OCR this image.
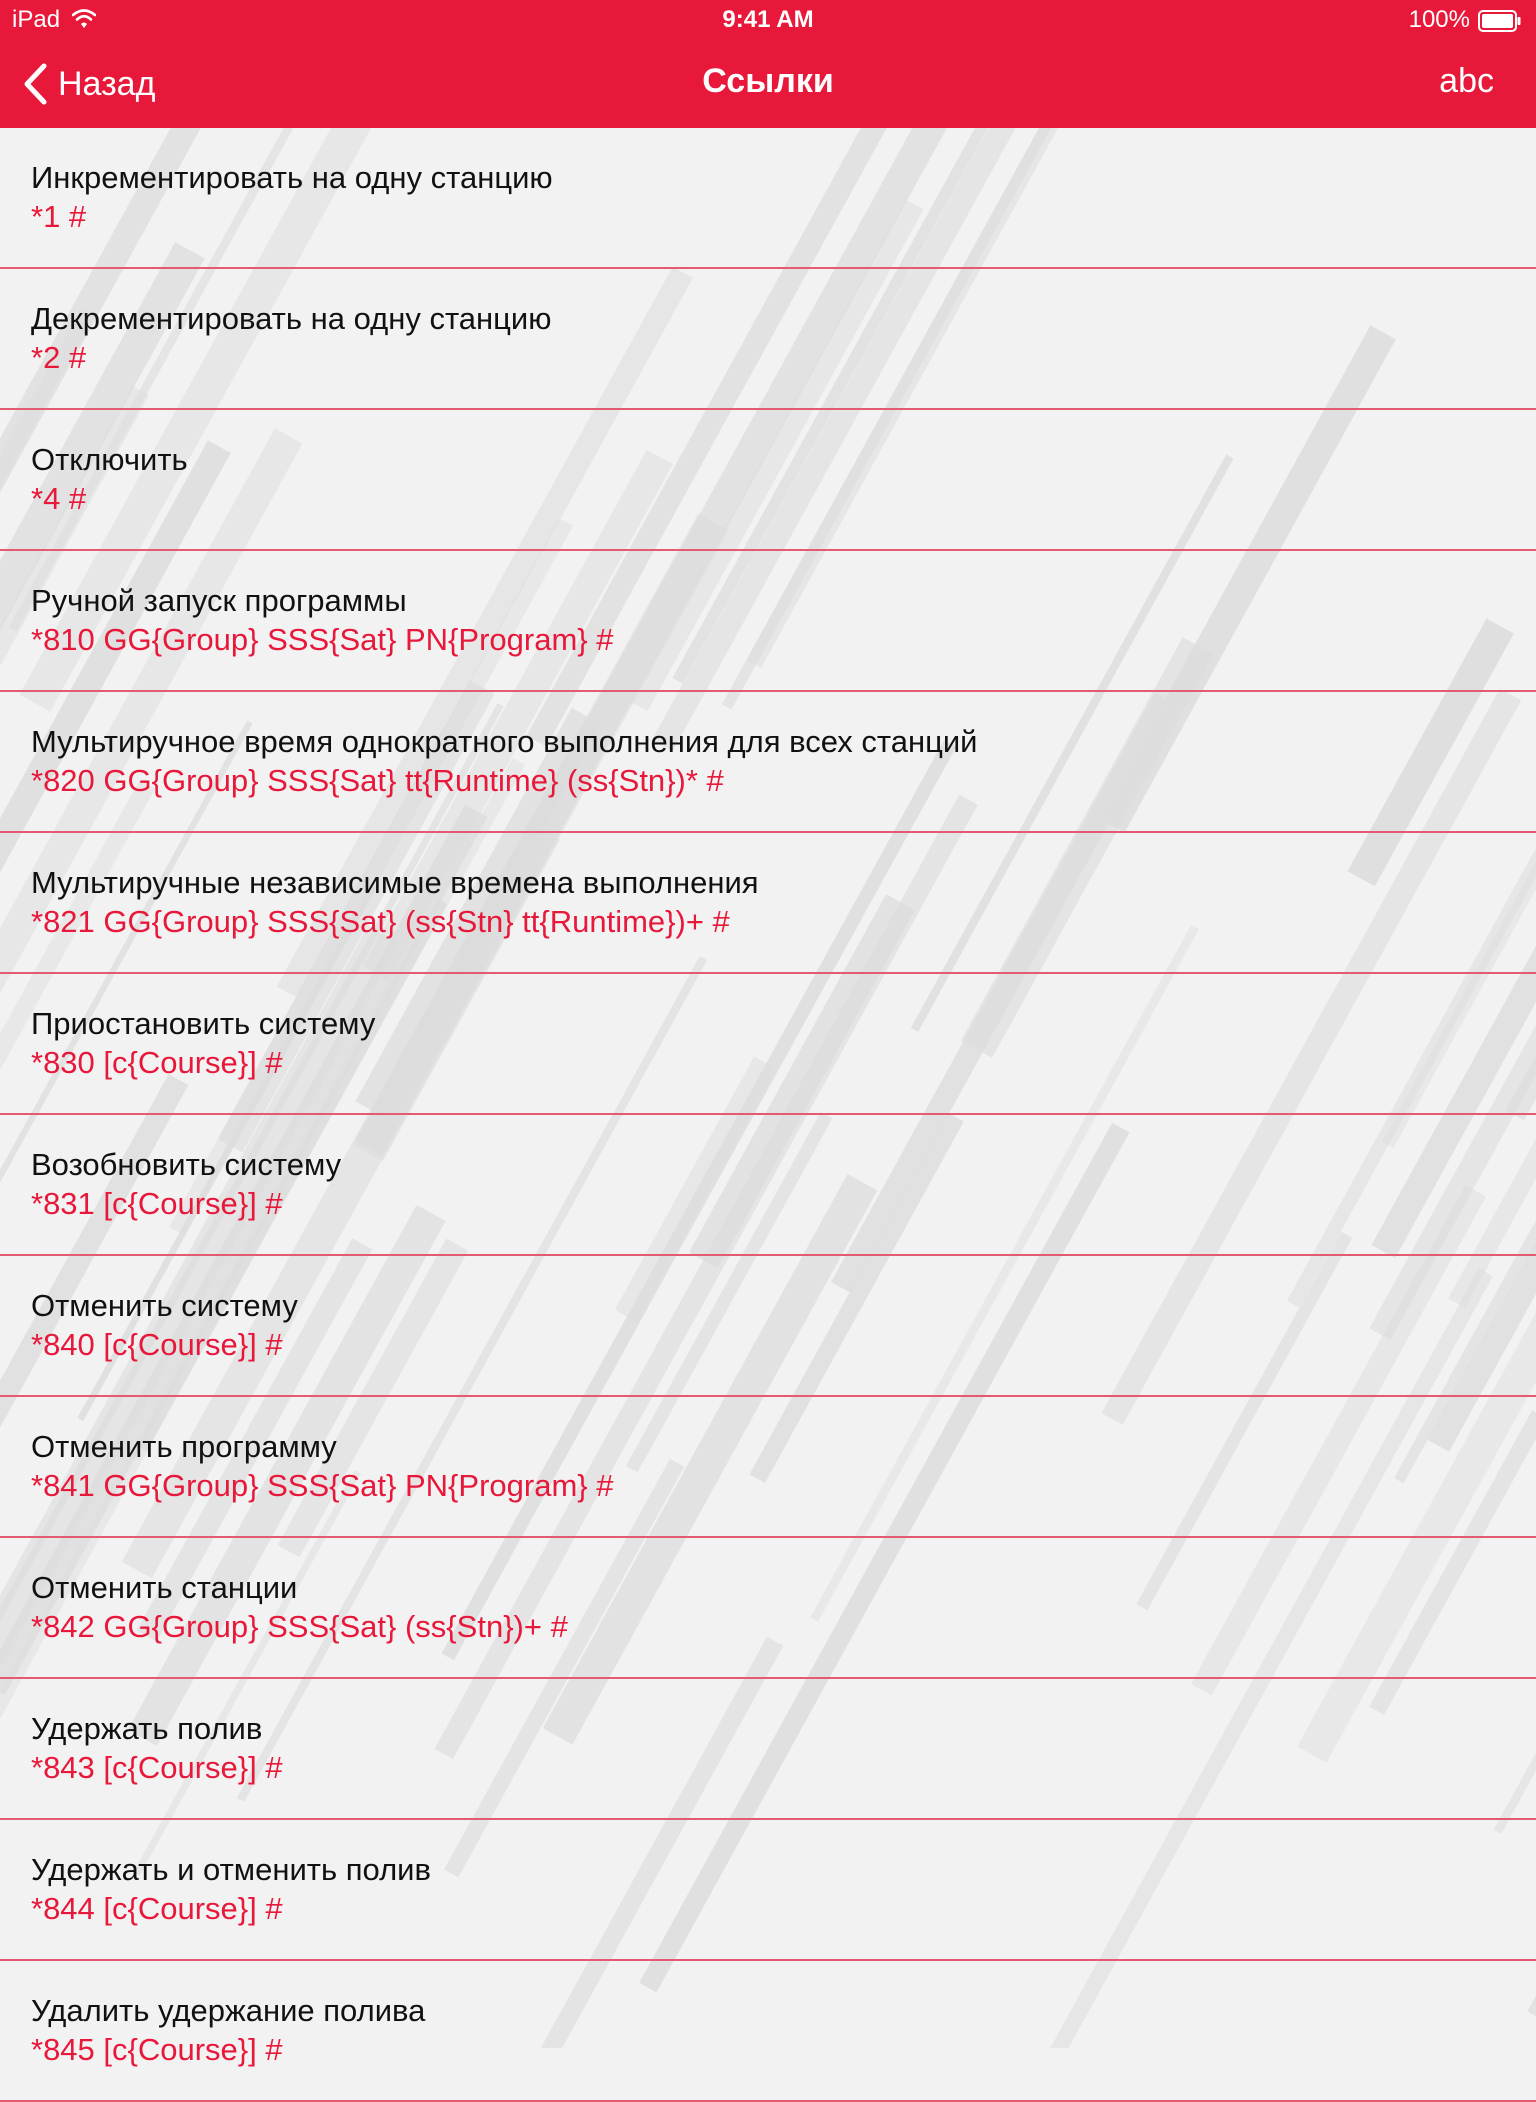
iPad	9:41 AM	100%
Назад	Ссылки	abc
Инкрементировать на одну станцию
*1 #
Декрементировать на одну станцию
*2 #
Отключить
*4 #
Ручной запуск программы
*810 GG{Group} SSS{Sat} PN{Program} #
Мультиручное время однократного выполнения для всех станций
*820 GG{Group} SSS{Sat} tt{Runtime} (ss{Stn})* #
Мультиручные независимые времена выполнения
*821 GG{Group} SSS{Sat} (ss{Stn} tt{Runtime})+ #
Приостановить систему
*830 [c{Course}] #
Возобновить систему
*831 [c{Course}] #
Отменить систему
*840 [c{Course}] #
Отменить программу
*841 GG{Group} SSS{Sat} PN{Program} #
Отменить станции
*842 GG{Group} SSS{Sat} (ss{Stn})+ #
Удержать полив
*843 [c{Course}] #
Удержать и отменить полив
*844 [c{Course}] #
Удалить удержание полива
*845 [c{Course}] #
